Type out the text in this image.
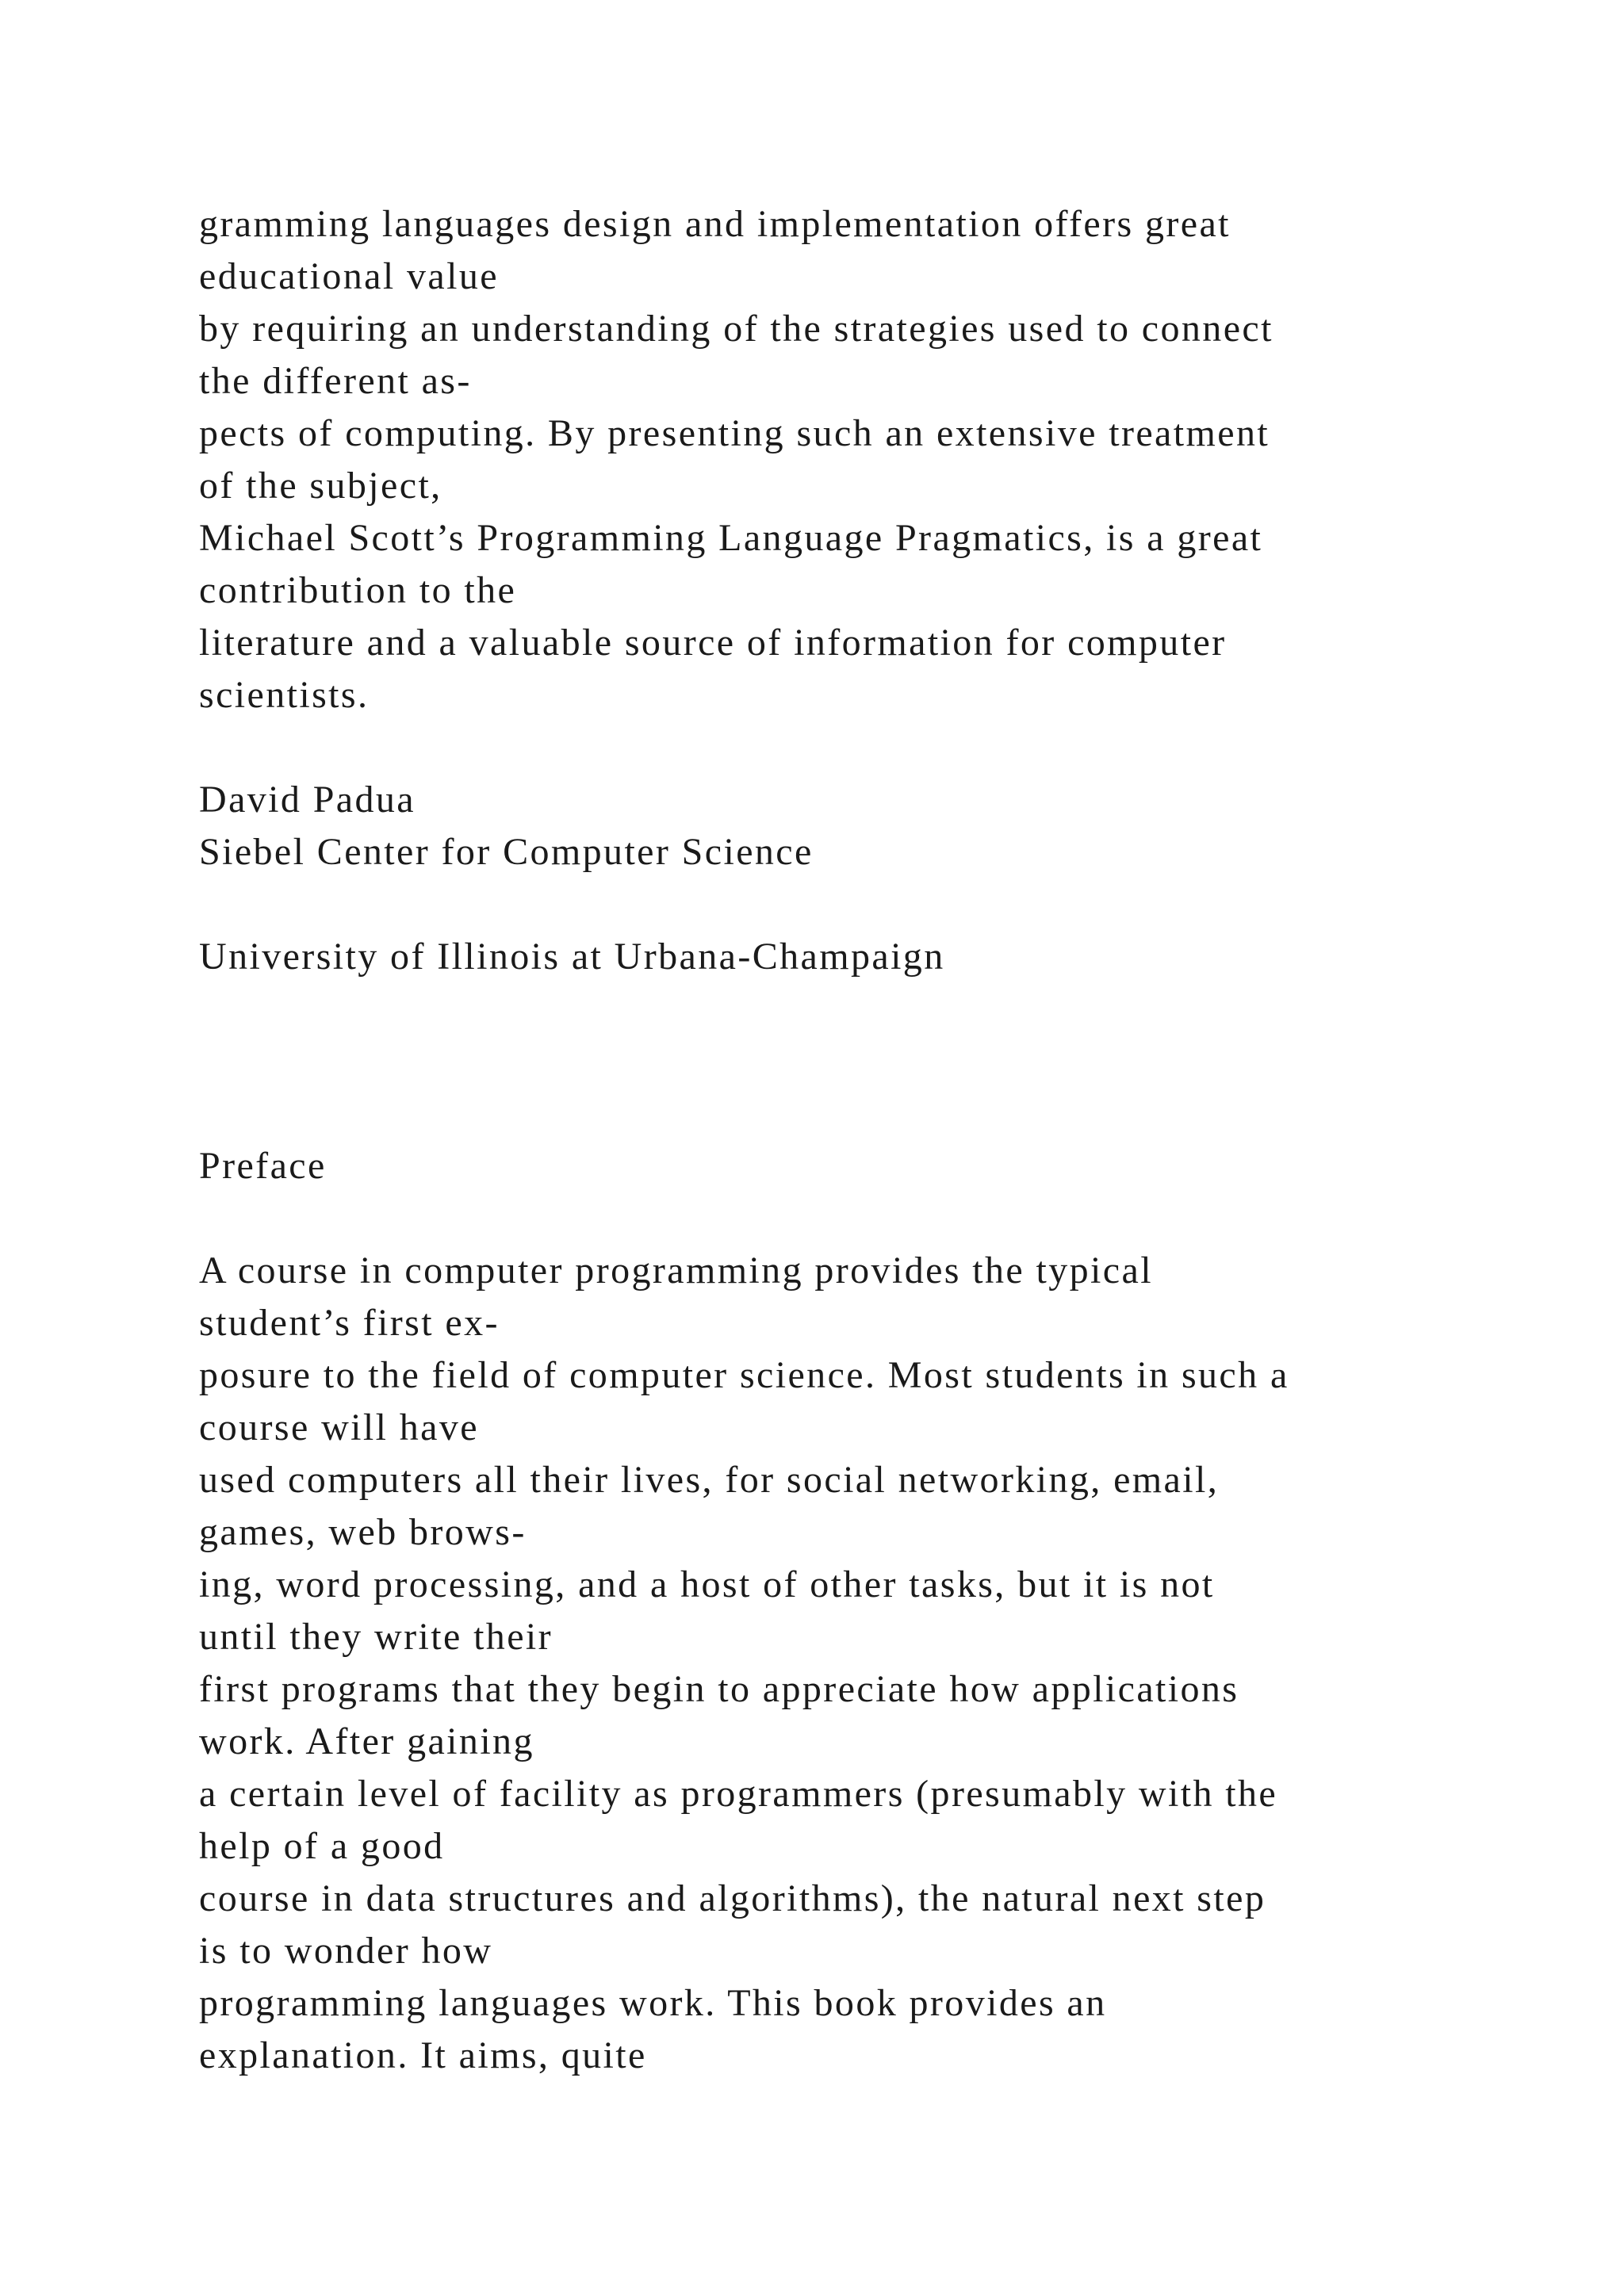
gramming languages design and implementation offers great
educational value
by requiring an understanding of the strategies used to connect
the different as-
pects of computing. By presenting such an extensive treatment
of the subject,
Michael Scott’s Programming Language Pragmatics, is a great
contribution to the
literature and a valuable source of information for computer
scientists.
David Padua
Siebel Center for Computer Science
University of Illinois at Urbana-Champaign
Preface
A course in computer programming provides the typical
student’s first ex-
posure to the field of computer science. Most students in such a
course will have
used computers all their lives, for social networking, email,
games, web brows-
ing, word processing, and a host of other tasks, but it is not
until they write their
first programs that they begin to appreciate how applications
work. After gaining
a certain level of facility as programmers (presumably with the
help of a good
course in data structures and algorithms), the natural next step
is to wonder how
programming languages work. This book provides an
explanation. It aims, quite
